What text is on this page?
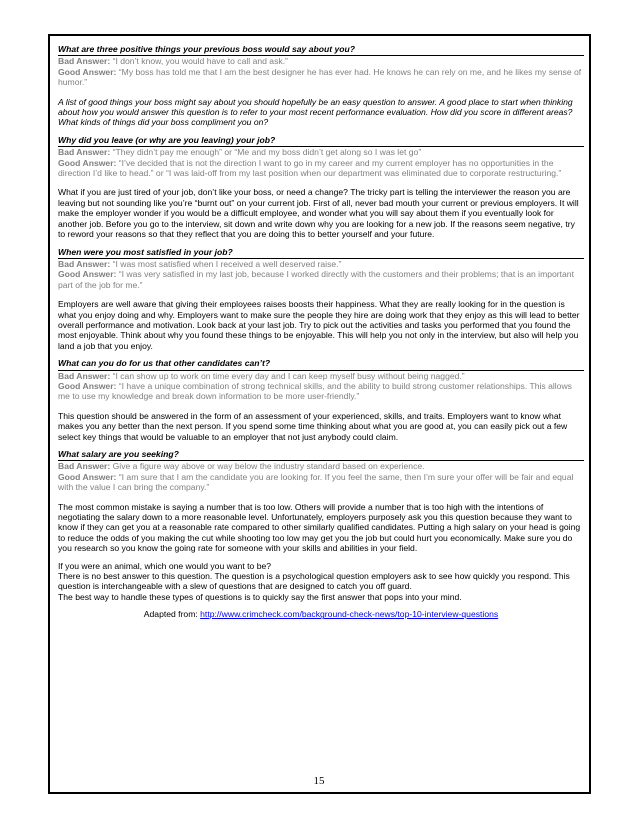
What are three positive things your previous boss would say about you?

Bad Answer: “I don’t know, you would have to call and ask.”

Good Answer: “My boss has told me that I am the best designer he has ever had. He knows he can rely on me, and he likes my sense of humor.”

A list of good things your boss might say about you should hopefully be an easy question to answer. A good place to start when thinking about how you would answer this question is to refer to your most recent performance evaluation. How did you score in different areas? What kinds of things did your boss compliment you on?

Why did you leave (or why are you leaving) your job?

Bad Answer: “They didn’t pay me enough” or “Me and my boss didn’t get along so I was let go”

Good Answer: “I’ve decided that is not the direction I want to go in my career and my current employer has no opportunities in the direction I’d like to head.” or “I was laid-off from my last position when our department was eliminated due to corporate restructuring.”

What if you are just tired of your job, don’t like your boss, or need a change? The tricky part is telling the interviewer the reason you are leaving but not sounding like you’re “burnt out” on your current job. First of all, never bad mouth your current or previous employers. It will make the employer wonder if you would be a difficult employee, and wonder what you will say about them if you eventually look for another job. Before you go to the interview, sit down and write down why you are looking for a new job. If the reasons seem negative, try to reword your reasons so that they reflect that you are doing this to better yourself and your future.

When were you most satisfied in your job?

Bad Answer: “I was most satisfied when I received a well deserved raise.”

Good Answer: “I was very satisfied in my last job, because I worked directly with the customers and their problems; that is an important part of the job for me.”

Employers are well aware that giving their employees raises boosts their happiness. What they are really looking for in the question is what you enjoy doing and why. Employers want to make sure the people they hire are doing work that they enjoy as this will lead to better overall performance and motivation. Look back at your last job. Try to pick out the activities and tasks you performed that you found the most enjoyable. Think about why you found these things to be enjoyable. This will help you not only in the interview, but also will help you land a job that you enjoy.

What can you do for us that other candidates can’t?

Bad Answer: “I can show up to work on time every day and I can keep myself busy without being nagged.”

Good Answer: “I have a unique combination of strong technical skills, and the ability to build strong customer relationships. This allows me to use my knowledge and break down information to be more user-friendly.”

This question should be answered in the form of an assessment of your experienced, skills, and traits. Employers want to know what makes you any better than the next person. If you spend some time thinking about what you are good at, you can easily pick out a few select key things that would be valuable to an employer that not just anybody could claim.

What salary are you seeking?

Bad Answer: Give a figure way above or way below the industry standard based on experience.

Good Answer: “I am sure that I am the candidate you are looking for. If you feel the same, then I’m sure your offer will be fair and equal with the value I can bring the company.”

The most common mistake is saying a number that is too low. Others will provide a number that is too high with the intentions of negotiating the salary down to a more reasonable level. Unfortunately, employers purposely ask you this question because they want to know if they can get you at a reasonable rate compared to other similarly qualified candidates. Putting a high salary on your head is going to reduce the odds of you making the cut while shooting too low may get you the job but could hurt you economically. Make sure you do you research so you know the going rate for someone with your skills and abilities in your field.

If you were an animal, which one would you want to be?

There is no best answer to this question. The question is a psychological question employers ask to see how quickly you respond. This question is interchangeable with a slew of questions that are designed to catch you off guard.

The best way to handle these types of questions is to quickly say the first answer that pops into your mind.

Adapted from: http://www.crimcheck.com/background-check-news/top-10-interview-questions
15
